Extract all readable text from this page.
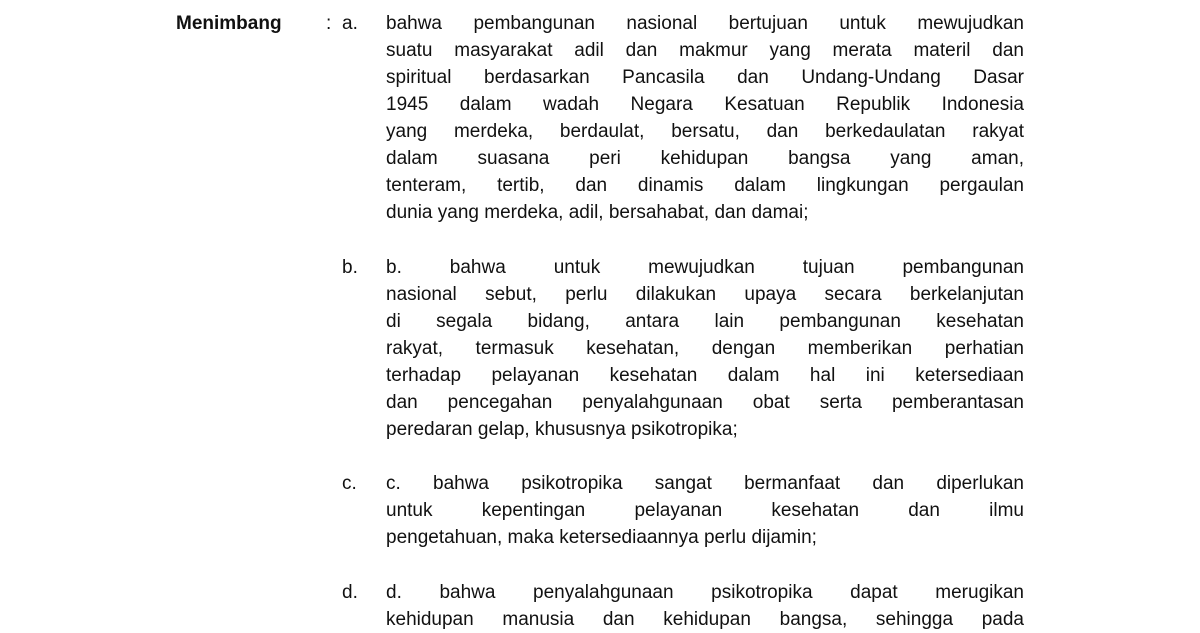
Menimbang : a. bahwa pembangunan nasional bertujuan untuk mewujudkan
suatu masyarakat adil dan makmur yang merata materil dan
spiritual berdasarkan Pancasila dan Undang-Undang Dasar
1945 dalam wadah Negara Kesatuan Republik Indonesia
yang merdeka, berdaulat, bersatu, dan berkedaulatan rakyat
dalam suasana peri kehidupan bangsa yang aman,
tenteram, tertib, dan dinamis dalam lingkungan pergaulan
dunia yang merdeka, adil, bersahabat, dan damai;
b. b. bahwa untuk mewujudkan tujuan pembangunan
nasional sebut, perlu dilakukan upaya secara berkelanjutan
di segala bidang, antara lain pembangunan kesehatan
rakyat, termasuk kesehatan, dengan memberikan perhatian
terhadap pelayanan kesehatan dalam hal ini ketersediaan
dan pencegahan penyalahgunaan obat serta pemberantasan
peredaran gelap, khususnya psikotropika;
c. c. bahwa psikotropika sangat bermanfaat dan diperlukan
untuk kepentingan pelayanan kesehatan dan ilmu
pengetahuan, maka ketersediaannya perlu dijamin;
d. d. bahwa penyalahgunaan psikotropika dapat merugikan
kehidupan manusia dan kehidupan bangsa, sehingga pada
